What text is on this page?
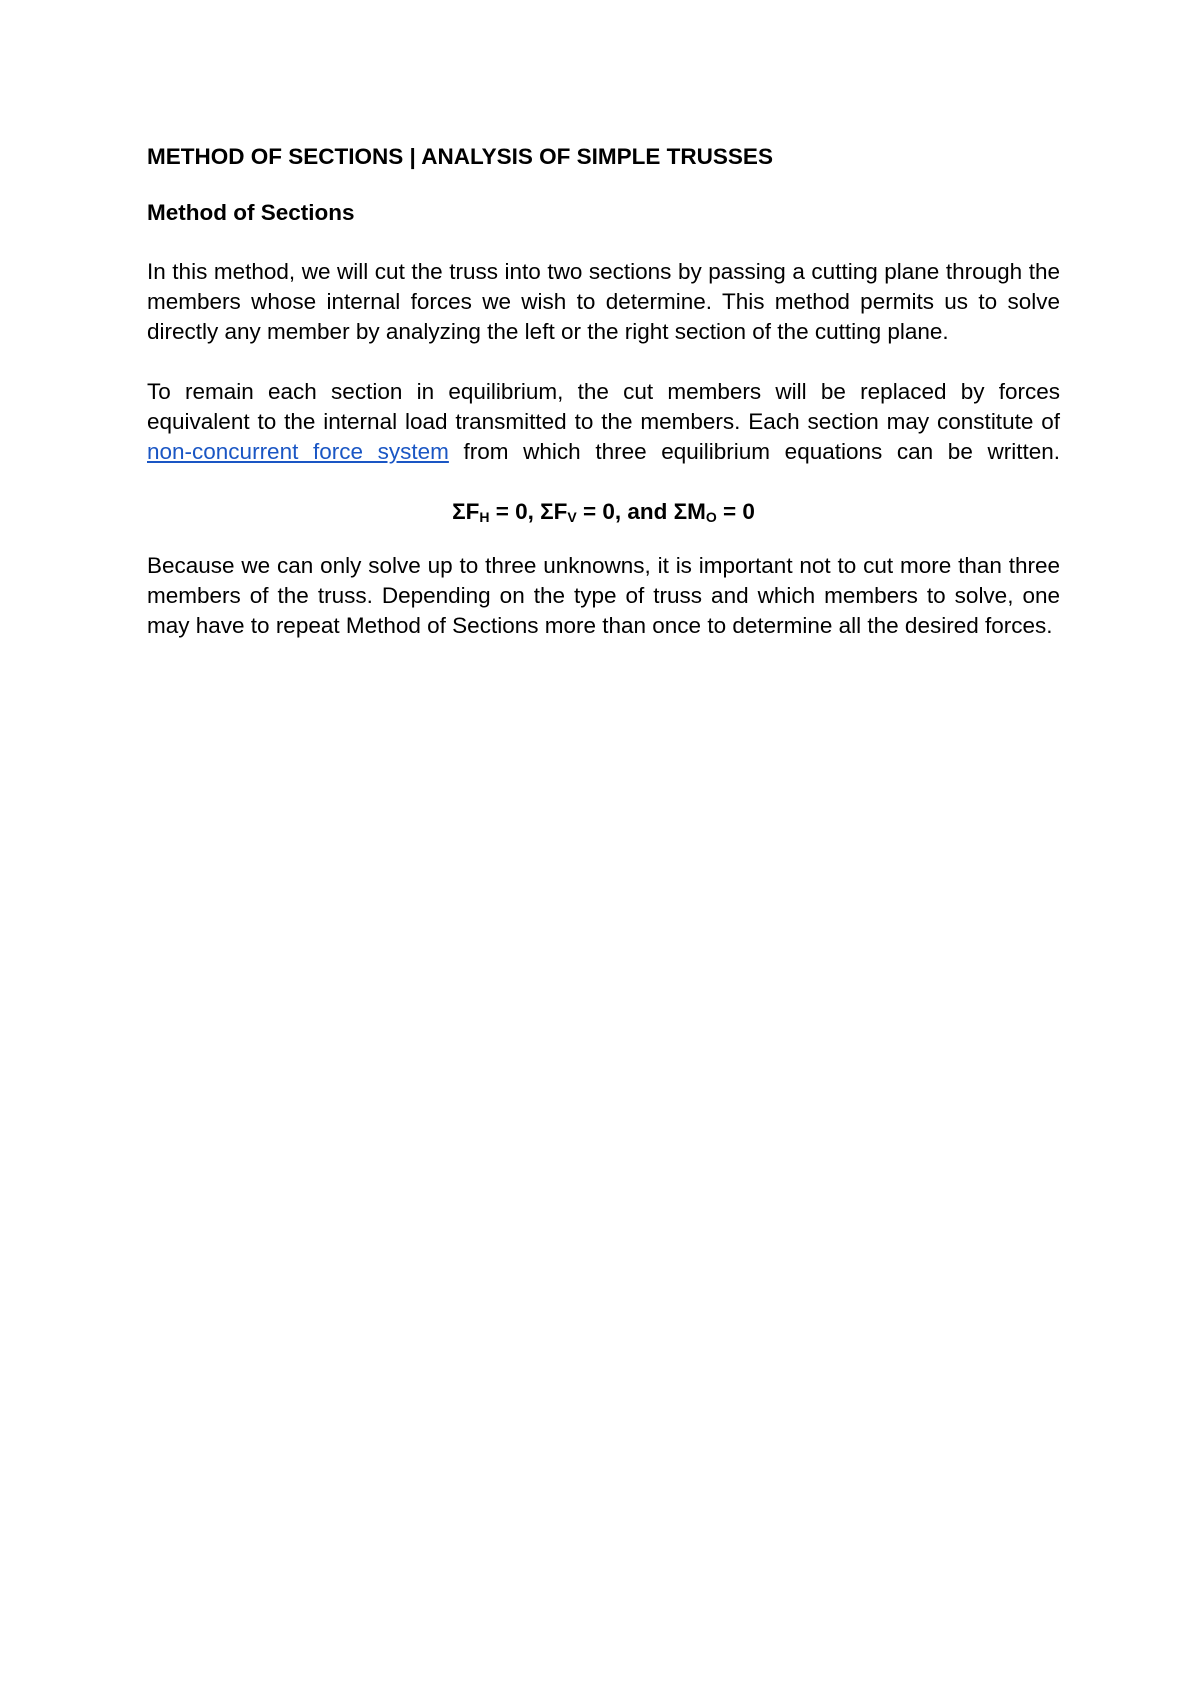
METHOD OF SECTIONS | ANALYSIS OF SIMPLE TRUSSES
Method of Sections

In this method, we will cut the truss into two sections by passing a cutting plane through the members whose internal forces we wish to determine. This method permits us to solve directly any member by analyzing the left or the right section of the cutting plane.

To remain each section in equilibrium, the cut members will be replaced by forces equivalent to the internal load transmitted to the members. Each section may constitute of non-concurrent force system from which three equilibrium equations can be written.

$\Sigma F_H = 0$, $\Sigma F_V = 0$, and $\Sigma M_O = 0$

Because we can only solve up to three unknowns, it is important not to cut more than three members of the truss. Depending on the type of truss and which members to solve, one may have to repeat Method of Sections more than once to determine all the desired forces.
